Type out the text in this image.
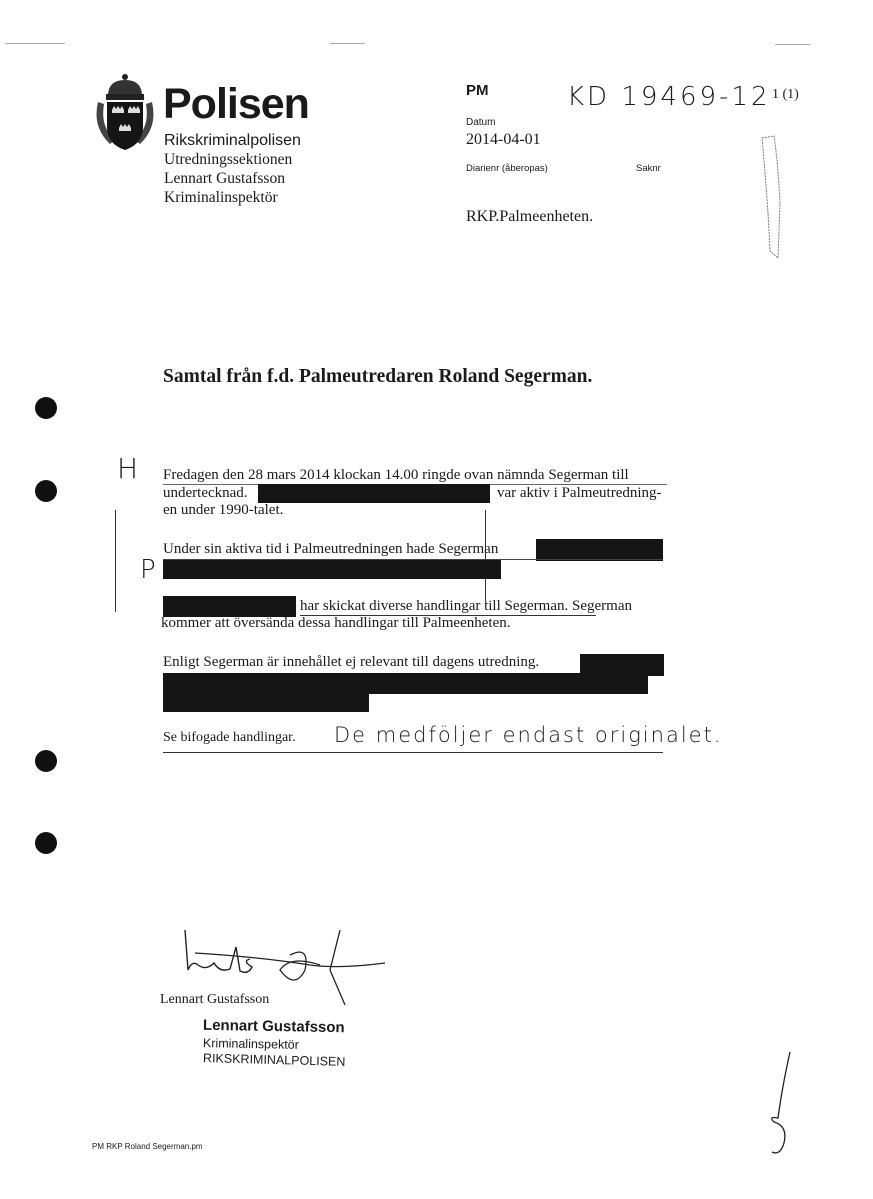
Polisen
Rikskriminalpolisen
Utredningssektionen
Lennart Gustafsson
Kriminalinspektör
PM	KD 19469-12 1 (1)
Datum
2014-04-01
Diarienr (åberopas)	Saknr
RKP.Palmeenheten.
Samtal från f.d. Palmeutredaren Roland Segerman.
H
P
Fredagen den 28 mars 2014 klockan 14.00 ringde ovan nämnda Segerman till
undertecknad.	var aktiv i Palmeutredning-
en under 1990-talet.
Under sin aktiva tid i Palmeutredningen hade Segerman
har skickat diverse handlingar till Segerman. Segerman
kommer att översända dessa handlingar till Palmeenheten.
Enligt Segerman är innehållet ej relevant till dagens utredning.
Se bifogade handlingar. De medföljer endast originalet.
Lennart Gustafsson
Lennart Gustafsson
Kriminalinspektör
RIKSKRIMINALPOLISEN
PM RKP Roland Segerman.pm
